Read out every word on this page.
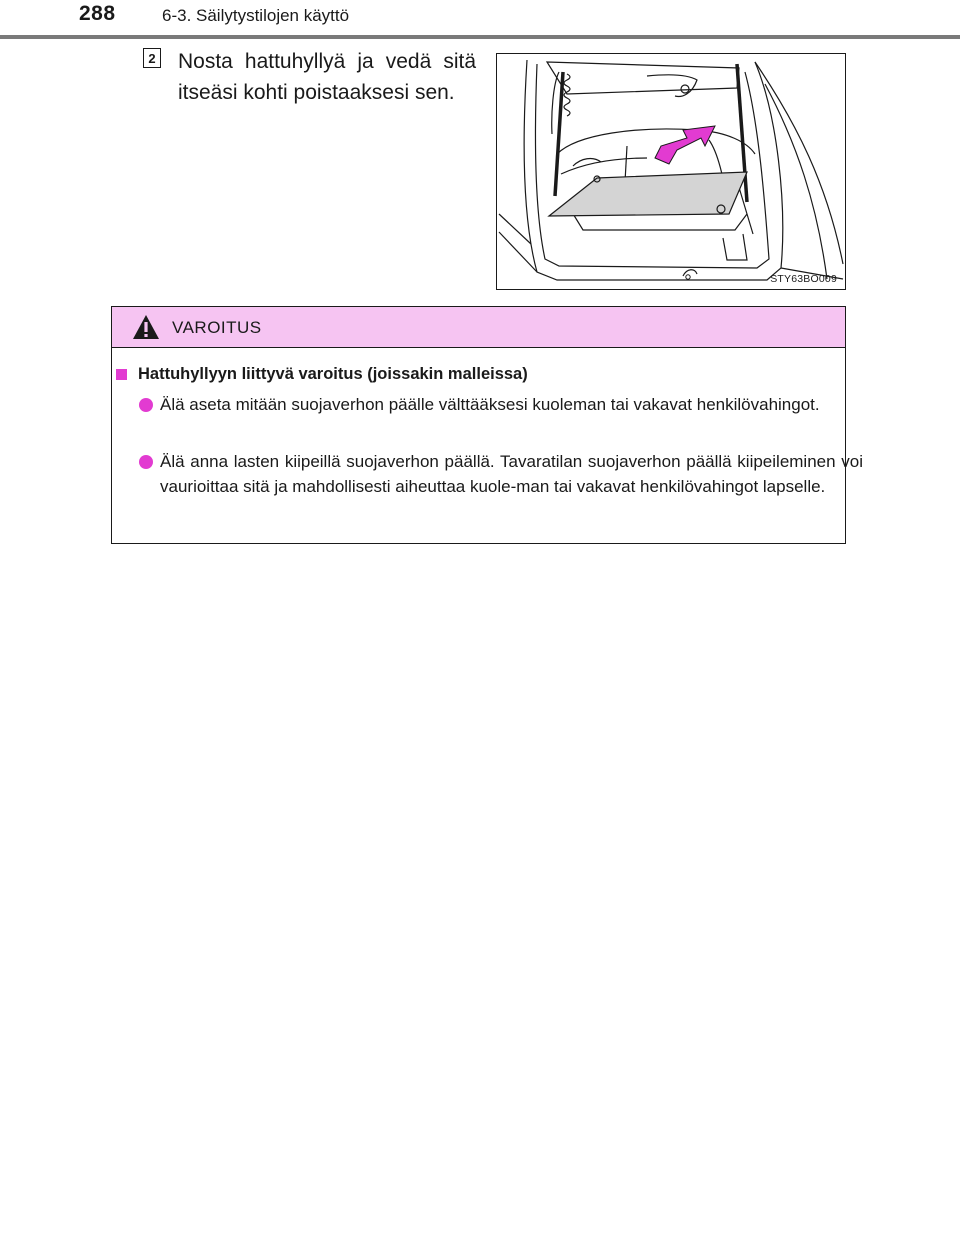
288	6-3. Säilytystilojen käyttö
2 Nosta hattuhyllyä ja vedä sitä itseäsi kohti poistaaksesi sen.
STY63BO009
VAROITUS
Hattuhyllyyn liittyvä varoitus (joissakin malleissa)
Älä aseta mitään suojaverhon päälle välttääksesi kuoleman tai vakavat henkilövahingot.
Älä anna lasten kiipeillä suojaverhon päällä. Tavaratilan suojaverhon päällä kiipeileminen voi vaurioittaa sitä ja mahdollisesti aiheuttaa kuole-man tai vakavat henkilövahingot lapselle.
